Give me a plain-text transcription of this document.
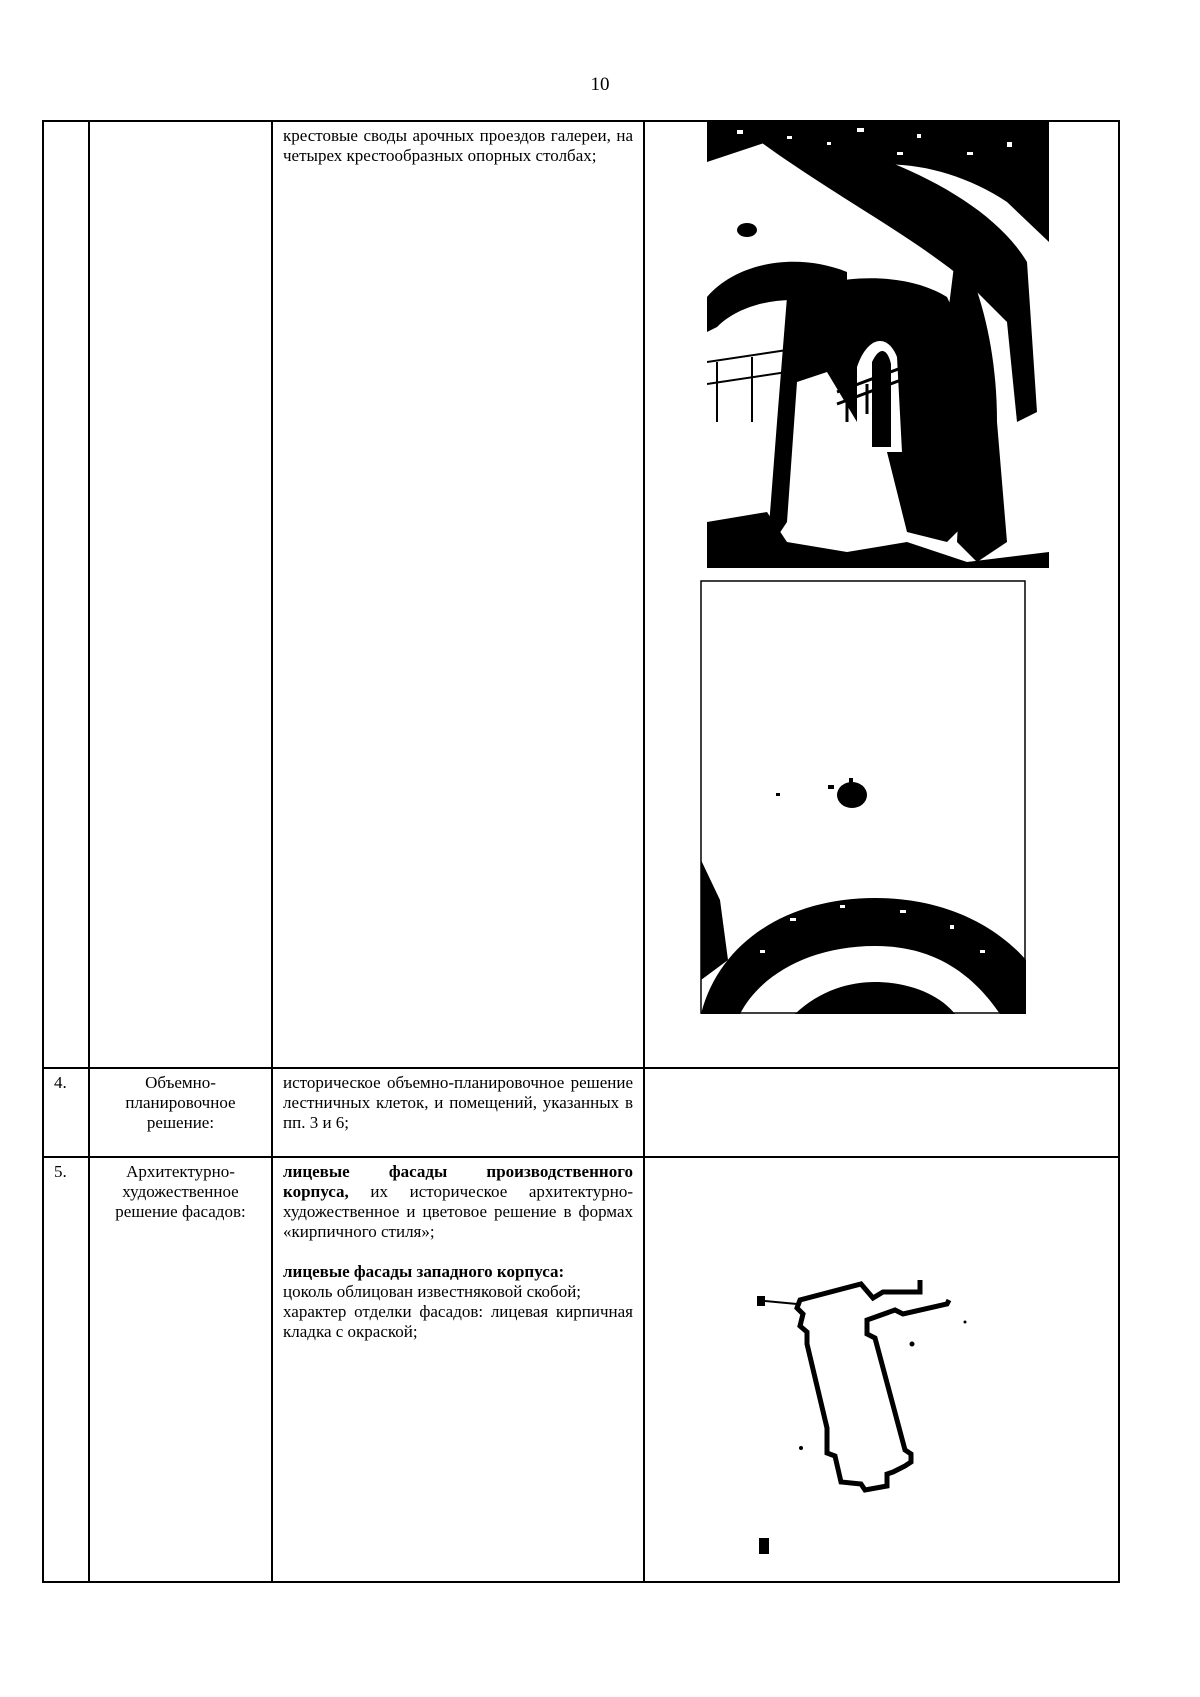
10

		крестовые своды арочных проездов галереи, на четырех крестообразных опорных столбах;

4.	Объемно-планировочное решение:	историческое объемно-планировочное решение лестничных клеток, и помещений, указанных в пп. 3 и 6;	

5.	Архитектурно-художественное решение фасадов:	лицевые фасады производственного корпуса, их историческое архитектурно-художественное и цветовое решение в формах «кирпичного стиля»;

лицевые фасады западного корпуса:

цоколь облицован известняковой скобой;

характер отделки фасадов: лицевая кирпичная кладка с окраской;
